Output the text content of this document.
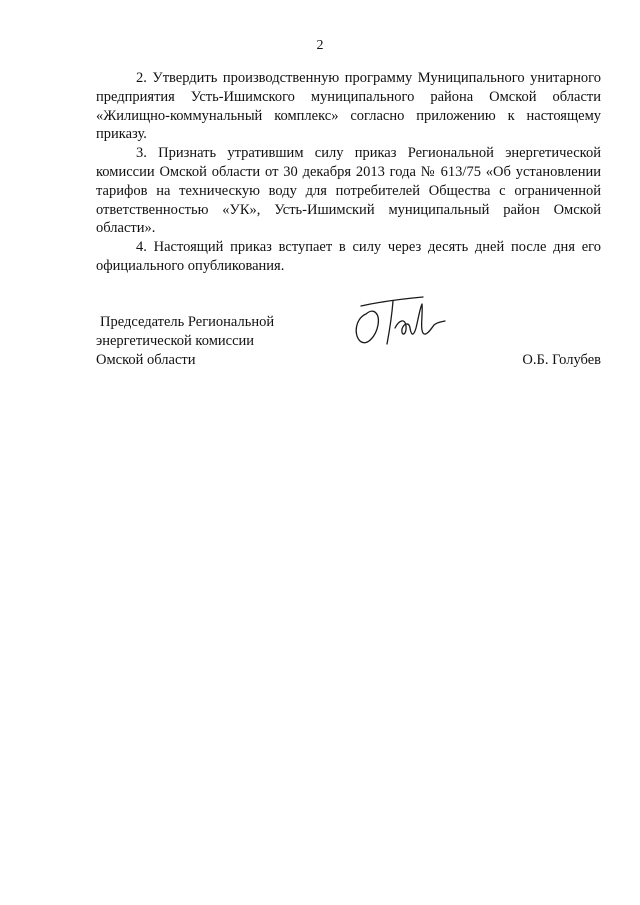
2

2. Утвердить производственную программу Муниципального унитарного предприятия Усть-Ишимского муниципального района Омской области «Жилищно-коммунальный комплекс» согласно приложению к настоящему приказу.

3. Признать утратившим силу приказ Региональной энергетической комиссии Омской области от 30 декабря 2013 года № 613/75 «Об установлении тарифов на техническую воду для потребителей Общества с ограниченной ответственностью «УК», Усть-Ишимский муниципальный район Омской области».

4. Настоящий приказ вступает в силу через десять дней после дня его официального опубликования.

Председатель Региональной
энергетической комиссии
Омской области	О.Б. Голубев
